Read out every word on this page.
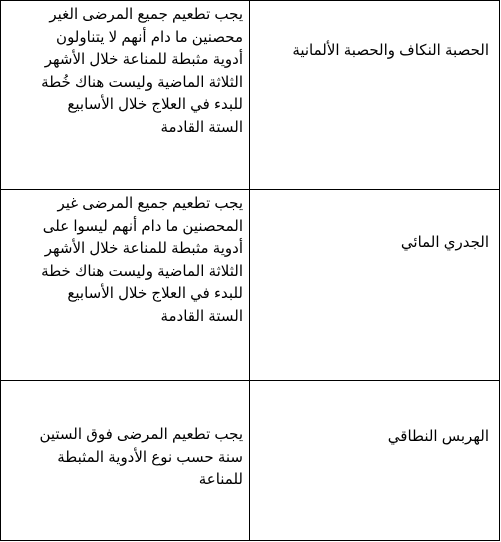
يجب تطعيم جميع المرضى الغير
محصنين ما دام أنهم لا يتناولون
أدوية مثبطة للمناعة خلال الأشهر
الثلاثة الماضية وليست هناك خُطة
للبدء في العلاج خلال الأسابيع
الستة القادمة
الحصبة النكاف والحصبة الألمانية
يجب تطعيم جميع المرضى غير
المحصنين ما دام أنهم ليسوا على
أدوية مثبطة للمناعة خلال الأشهر
الثلاثة الماضية وليست هناك خطة
للبدء في العلاج خلال الأسابيع
الستة القادمة
الجدري المائي
يجب تطعيم المرضى فوق الستين
سنة حسب نوع الأدوية المثبطة
للمناعة
الهربس النطاقي
